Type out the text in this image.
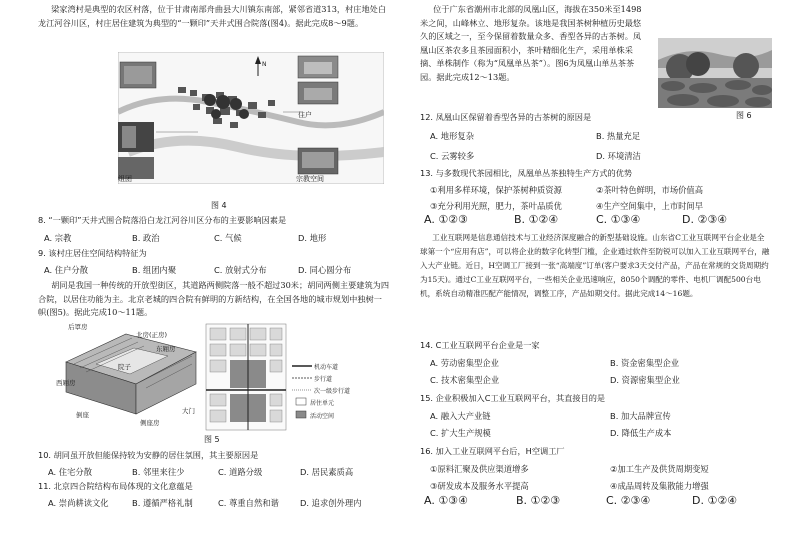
梁家湾村是典型的农区村落，位于甘肃南部舟曲县大川镇东南部，紧邻省道313，村庄地处白龙江河谷川区，村庄居住建筑为典型的“一颗印”天井式围合院落(图4)。据此完成8～9题。
N
住户
组团	宗教空间
图 4
8. “一颗印”天井式围合院落沿白龙江河谷川区分布的主要影响因素是
A. 宗教	B. 政治	C. 气候	D. 地形
9. 该村庄居住空间结构特征为
A. 住户分散	B. 组团内聚	C. 放射式分布	D. 同心圆分布
胡同是我国一种传统的开放型街区，其道路两侧院落一般不超过30米；胡同两侧主要建筑为四合院，以居住功能为主。北京老城的四合院有鲜明的方新结构，在全国各地的城市规划中独树一帜(图5)。据此完成10～11题。
后罩房
北房(正房)
东厢房
西厢房
院子
倒座
侧座房
大门
机动车道
步行道
次一级步行道
居住单元
活动空间
图 5
10. 胡同虽开放但能保持较为安静的居住氛围，其主要原因是
A. 住宅分散	B. 邻里来往少	C. 道路分级	D. 居民素质高
11. 北京四合院结构布局体现的文化意蕴是
A. 崇尚耕读文化	B. 遵循严格礼制	C. 尊重自然和谐	D. 追求创外理内
位于广东省潮州市北部的凤凰山区，海拔在350米至1498米之间，山峰林立、地形复杂。该地是我国茶树种植历史最悠久的区域之一，至今保留着数量众多、香型各异的古茶树。凤凰山区茶农多且茶园面积小，茶叶精细化生产，采用单株采摘、单株制作（称为“凤凰单丛茶”）。图6为凤凰山单丛茶茶园。据此完成12～13题。
图 6
12. 凤凰山区保留着香型各异的古茶树的原因是
A. 地形复杂	B. 热量充足
C. 云雾较多	D. 环境清洁
13. 与多数现代茶园相比，凤凰单丛茶独特生产方式的优势
①利用多样环境，保护茶树种质资源	②茶叶特色鲜明，市场价值高
③充分利用光照，肥力，茶叶品质优	④生产空间集中，上市时间早
A. ①②③	B. ①②④	C. ①③④	D. ②③④
工业互联网是信息通信技术与工业经济深度融合的新型基础设施。山东省C工业互联网平台企业是全球第一个“应用有店”，可以将企业的数字化转型门槛，企业通过软件至防锐可以加入工业互联网平台，融入大产业链。近日，H空调工厂接到一张“高端度”订单(客户要求3天交付产品，产品在常规的交货周期约为15天)。通过C工业互联网平台，一些相关企业迅速响应，8050个调配的零件、电机厂调配500台电机，系统自动精准匹配产能情况，调整工序，产品如期交付。据此完成14～16题。
14. C工业互联网平台企业是一家
A. 劳动密集型企业	B. 资金密集型企业
C. 技术密集型企业	D. 资源密集型企业
15. 企业积极加入C工业互联网平台，其直接目的是
A. 融入大产业链	B. 加大品牌宣传
C. 扩大生产规模	D. 降低生产成本
16. 加入工业互联网平台后，H空调工厂
①原料汇聚及供应渠道增多	②加工生产及供货周期变短
③研发成本及服务水平提高	④成品周转及集散能力增强
A. ①③④	B. ①②③	C. ②③④	D. ①②④
